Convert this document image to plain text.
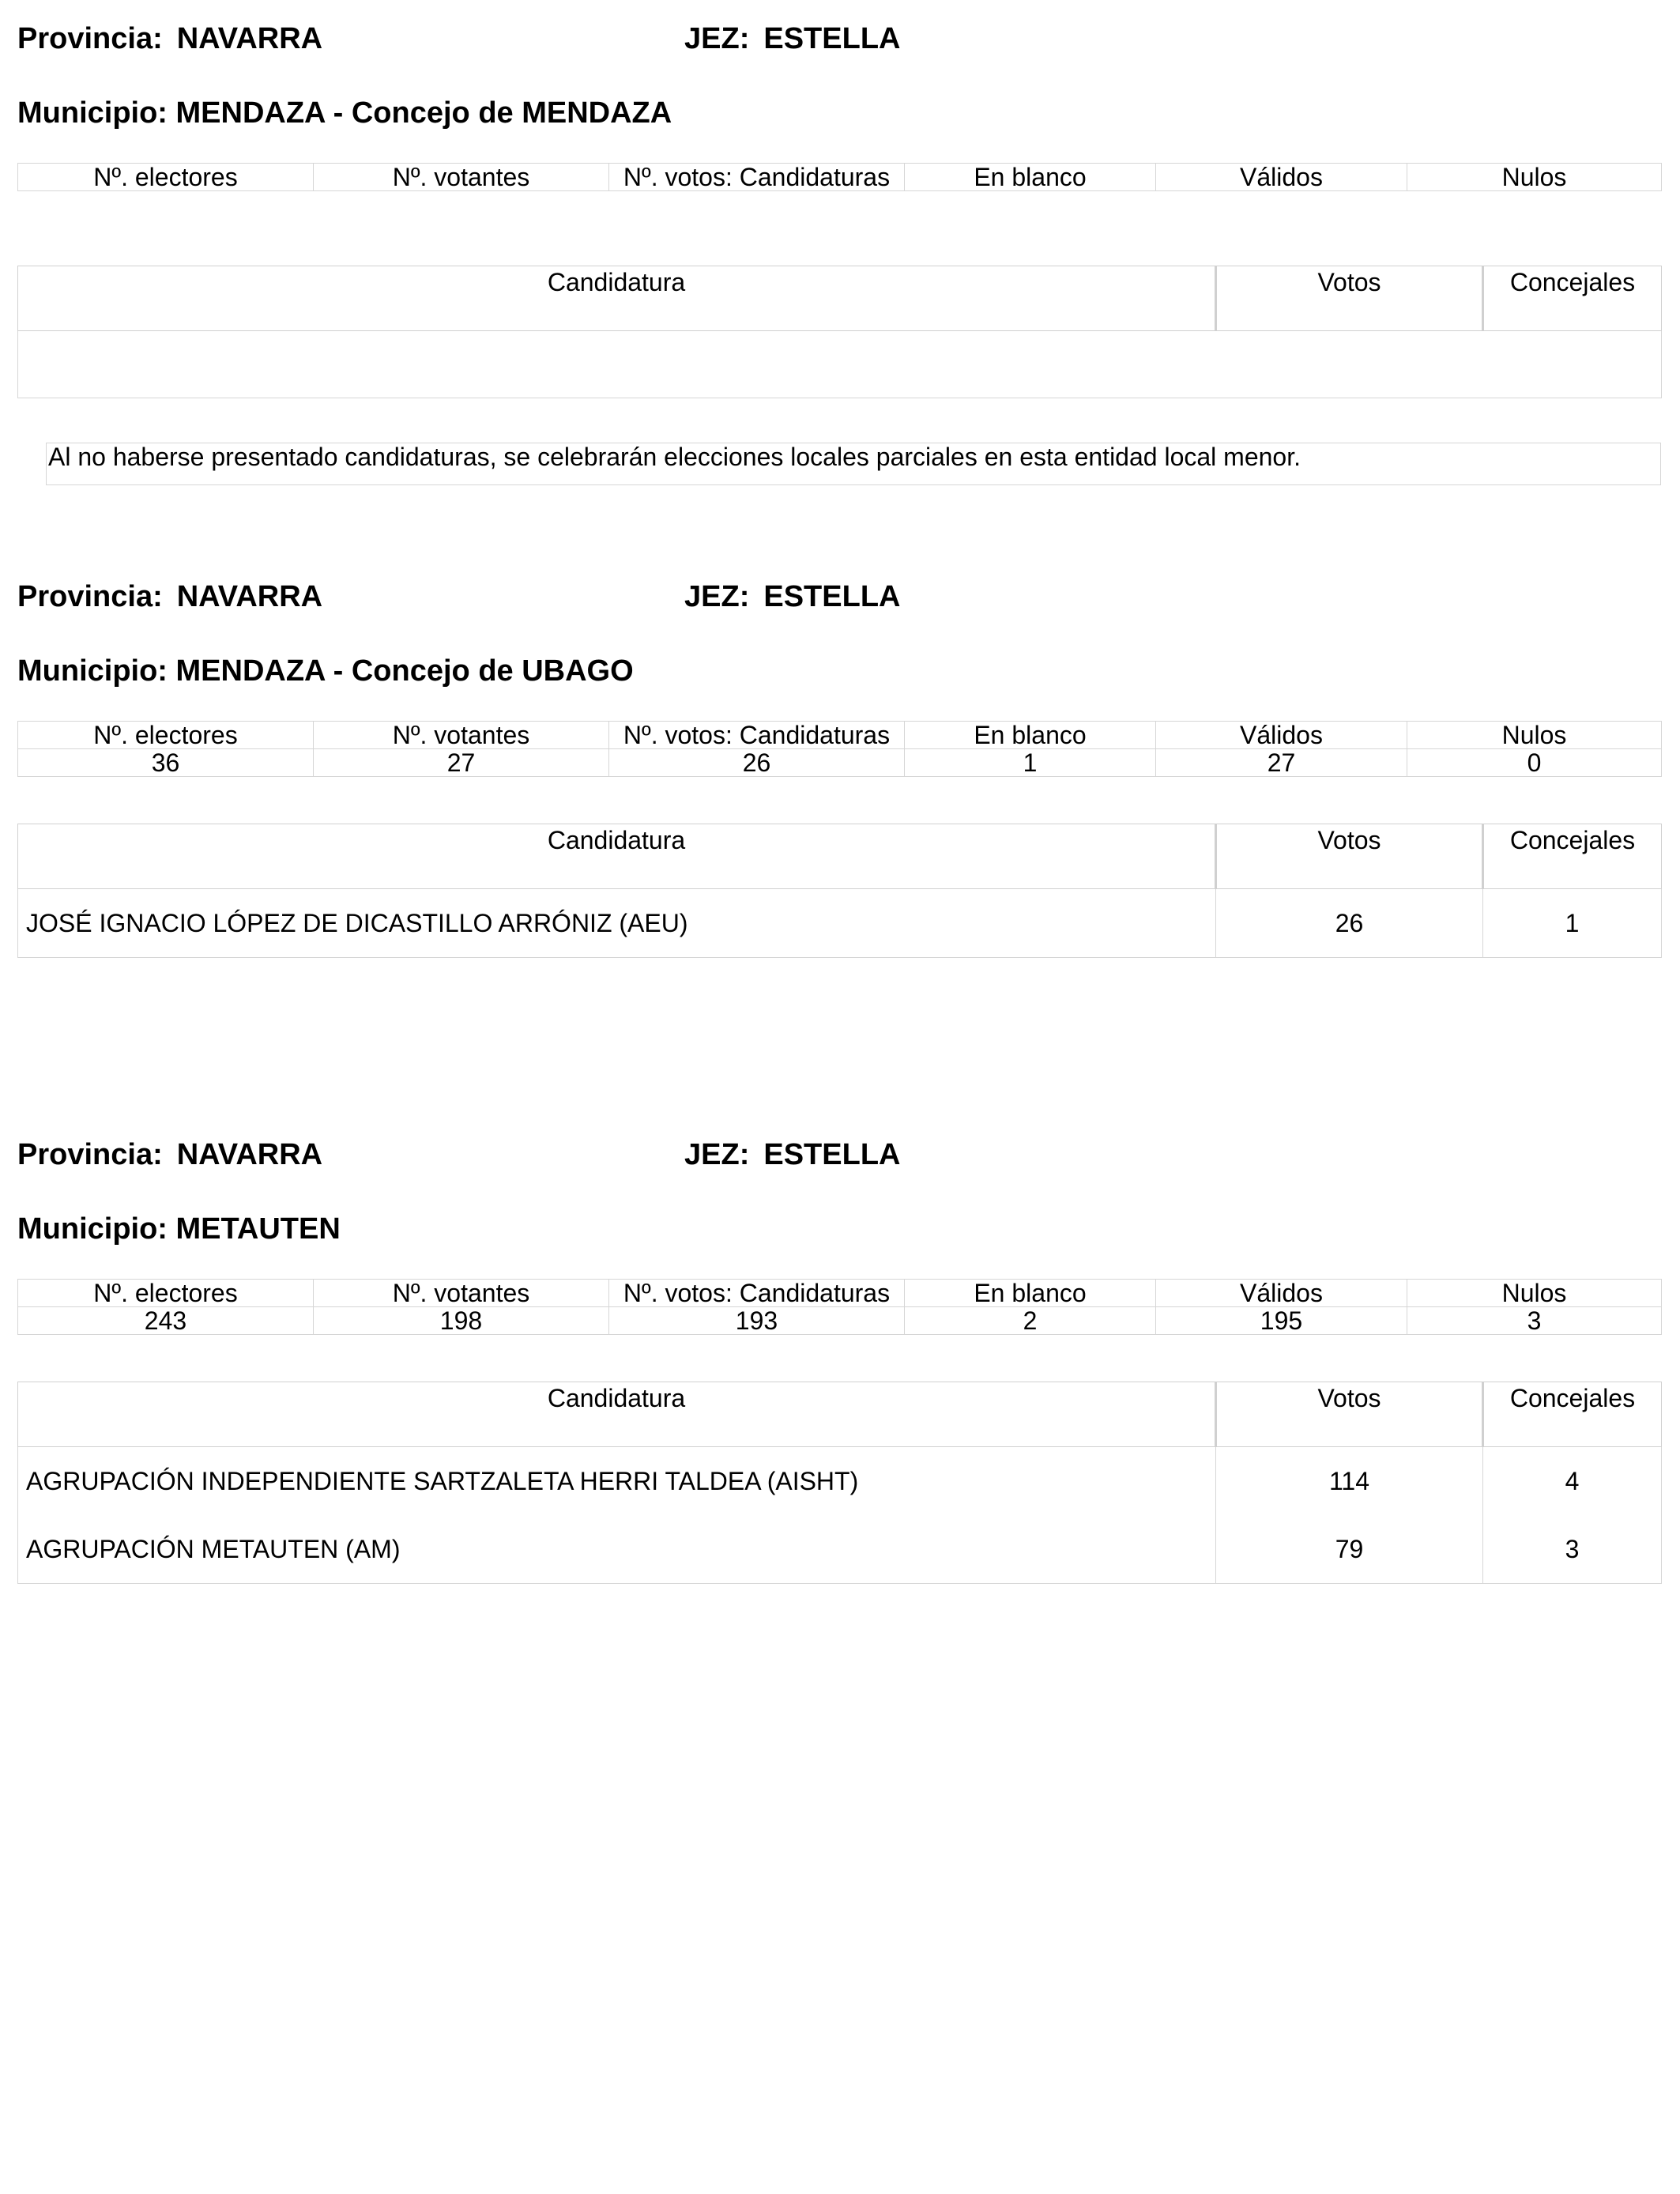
Provincia: NAVARRA	JEZ: ESTELLA
Municipio: MENDAZA - Concejo de MENDAZA
Nº. electores	Nº. votantes	Nº. votos: Candidaturas	En blanco	Válidos	Nulos
Candidatura	Votos	Concejales

Al no haberse presentado candidaturas, se celebrarán elecciones locales parciales en esta entidad local menor.
Provincia: NAVARRA	JEZ: ESTELLA
Municipio: MENDAZA - Concejo de UBAGO
Nº. electores	Nº. votantes	Nº. votos: Candidaturas	En blanco	Válidos	Nulos
36	27	26	1	27	0
Candidatura	Votos	Concejales
JOSÉ IGNACIO LÓPEZ DE DICASTILLO ARRÓNIZ (AEU)	26	1
Provincia: NAVARRA	JEZ: ESTELLA
Municipio: METAUTEN
Nº. electores	Nº. votantes	Nº. votos: Candidaturas	En blanco	Válidos	Nulos
243	198	193	2	195	3
Candidatura	Votos	Concejales
AGRUPACIÓN INDEPENDIENTE SARTZALETA HERRI TALDEA (AISHT)	114	4
AGRUPACIÓN METAUTEN (AM)	79	3
